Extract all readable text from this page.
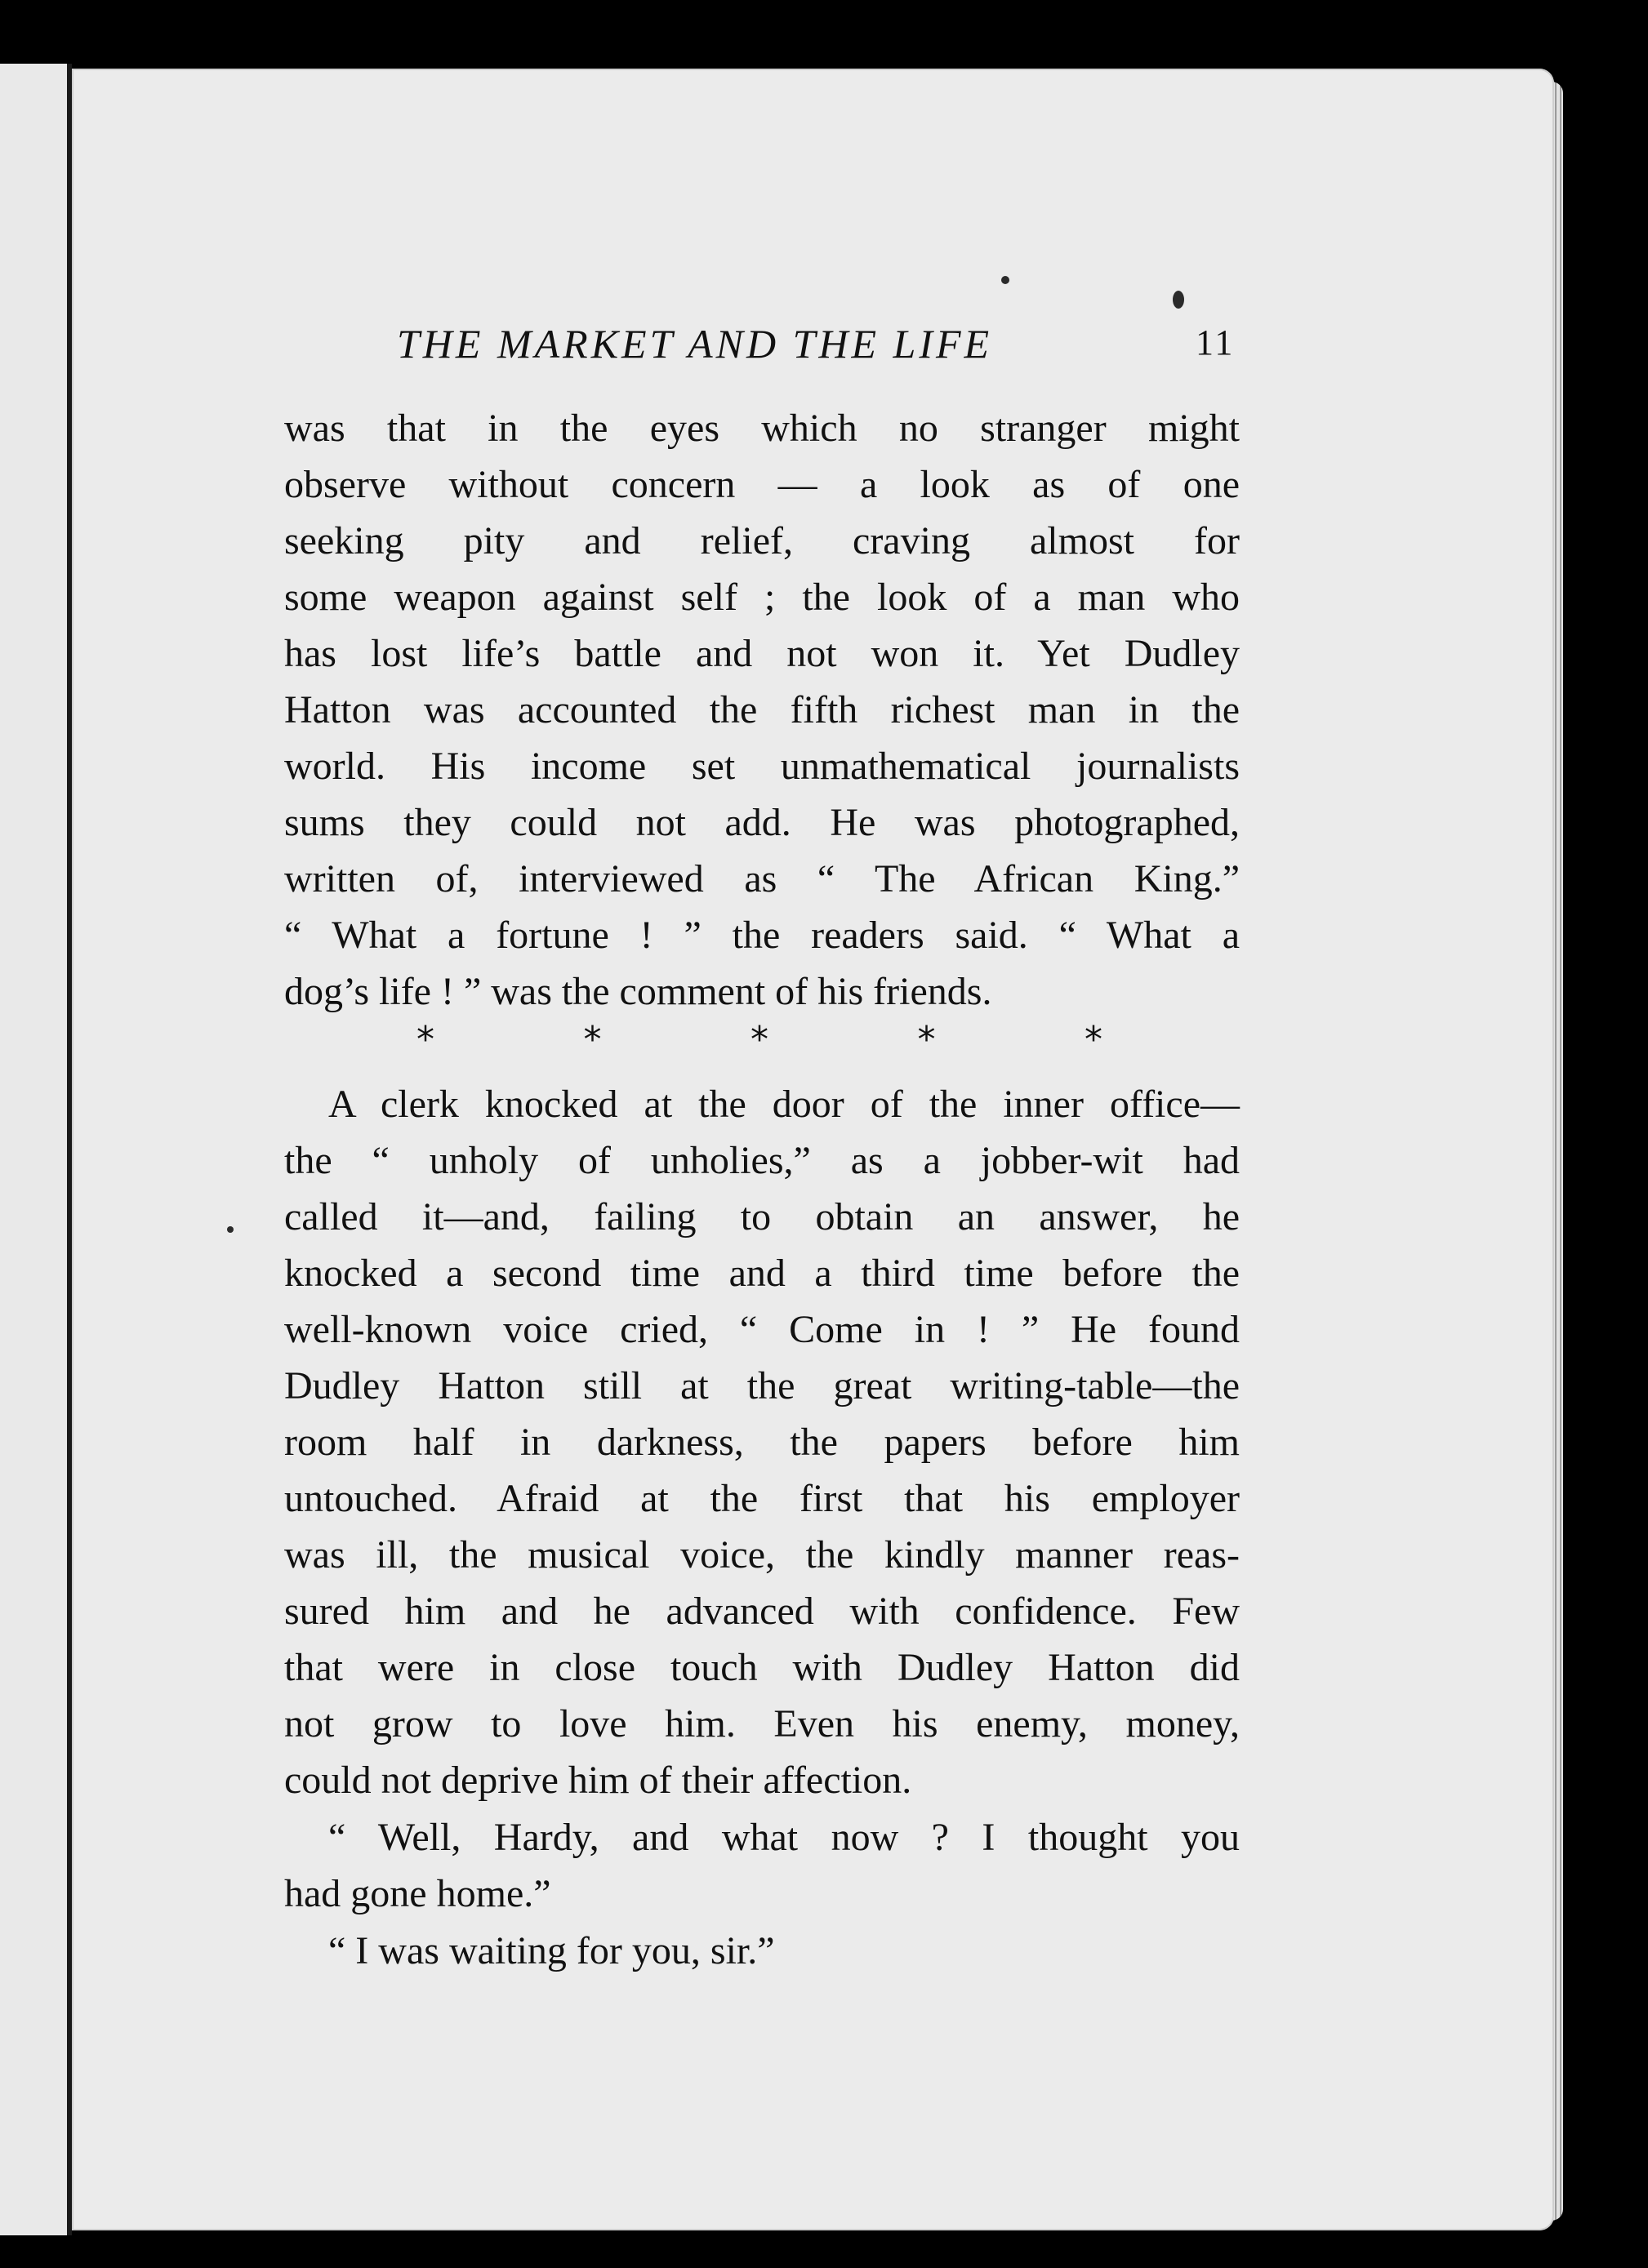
THE MARKET AND THE LIFE	11
was that in the eyes which no stranger might
observe without concern — a look as of one
seeking pity and relief, craving almost for
some weapon against self ; the look of a man who
has lost life’s battle and not won it. Yet Dudley
Hatton was accounted the fifth richest man in the
world. His income set unmathematical journalists
sums they could not add. He was photographed,
written of, interviewed as “ The African King.”
“ What a fortune ! ” the readers said. “ What a
dog’s life ! ” was the comment of his friends.
*	*	*	*	*
A clerk knocked at the door of the inner office—
the “ unholy of unholies,” as a jobber-wit had
called it—and, failing to obtain an answer, he
knocked a second time and a third time before the
well-known voice cried, “ Come in ! ” He found
Dudley Hatton still at the great writing-table—the
room half in darkness, the papers before him
untouched. Afraid at the first that his employer
was ill, the musical voice, the kindly manner reas-
sured him and he advanced with confidence. Few
that were in close touch with Dudley Hatton did
not grow to love him. Even his enemy, money,
could not deprive him of their affection.
“ Well, Hardy, and what now ? I thought you
had gone home.”
“ I was waiting for you, sir.”
